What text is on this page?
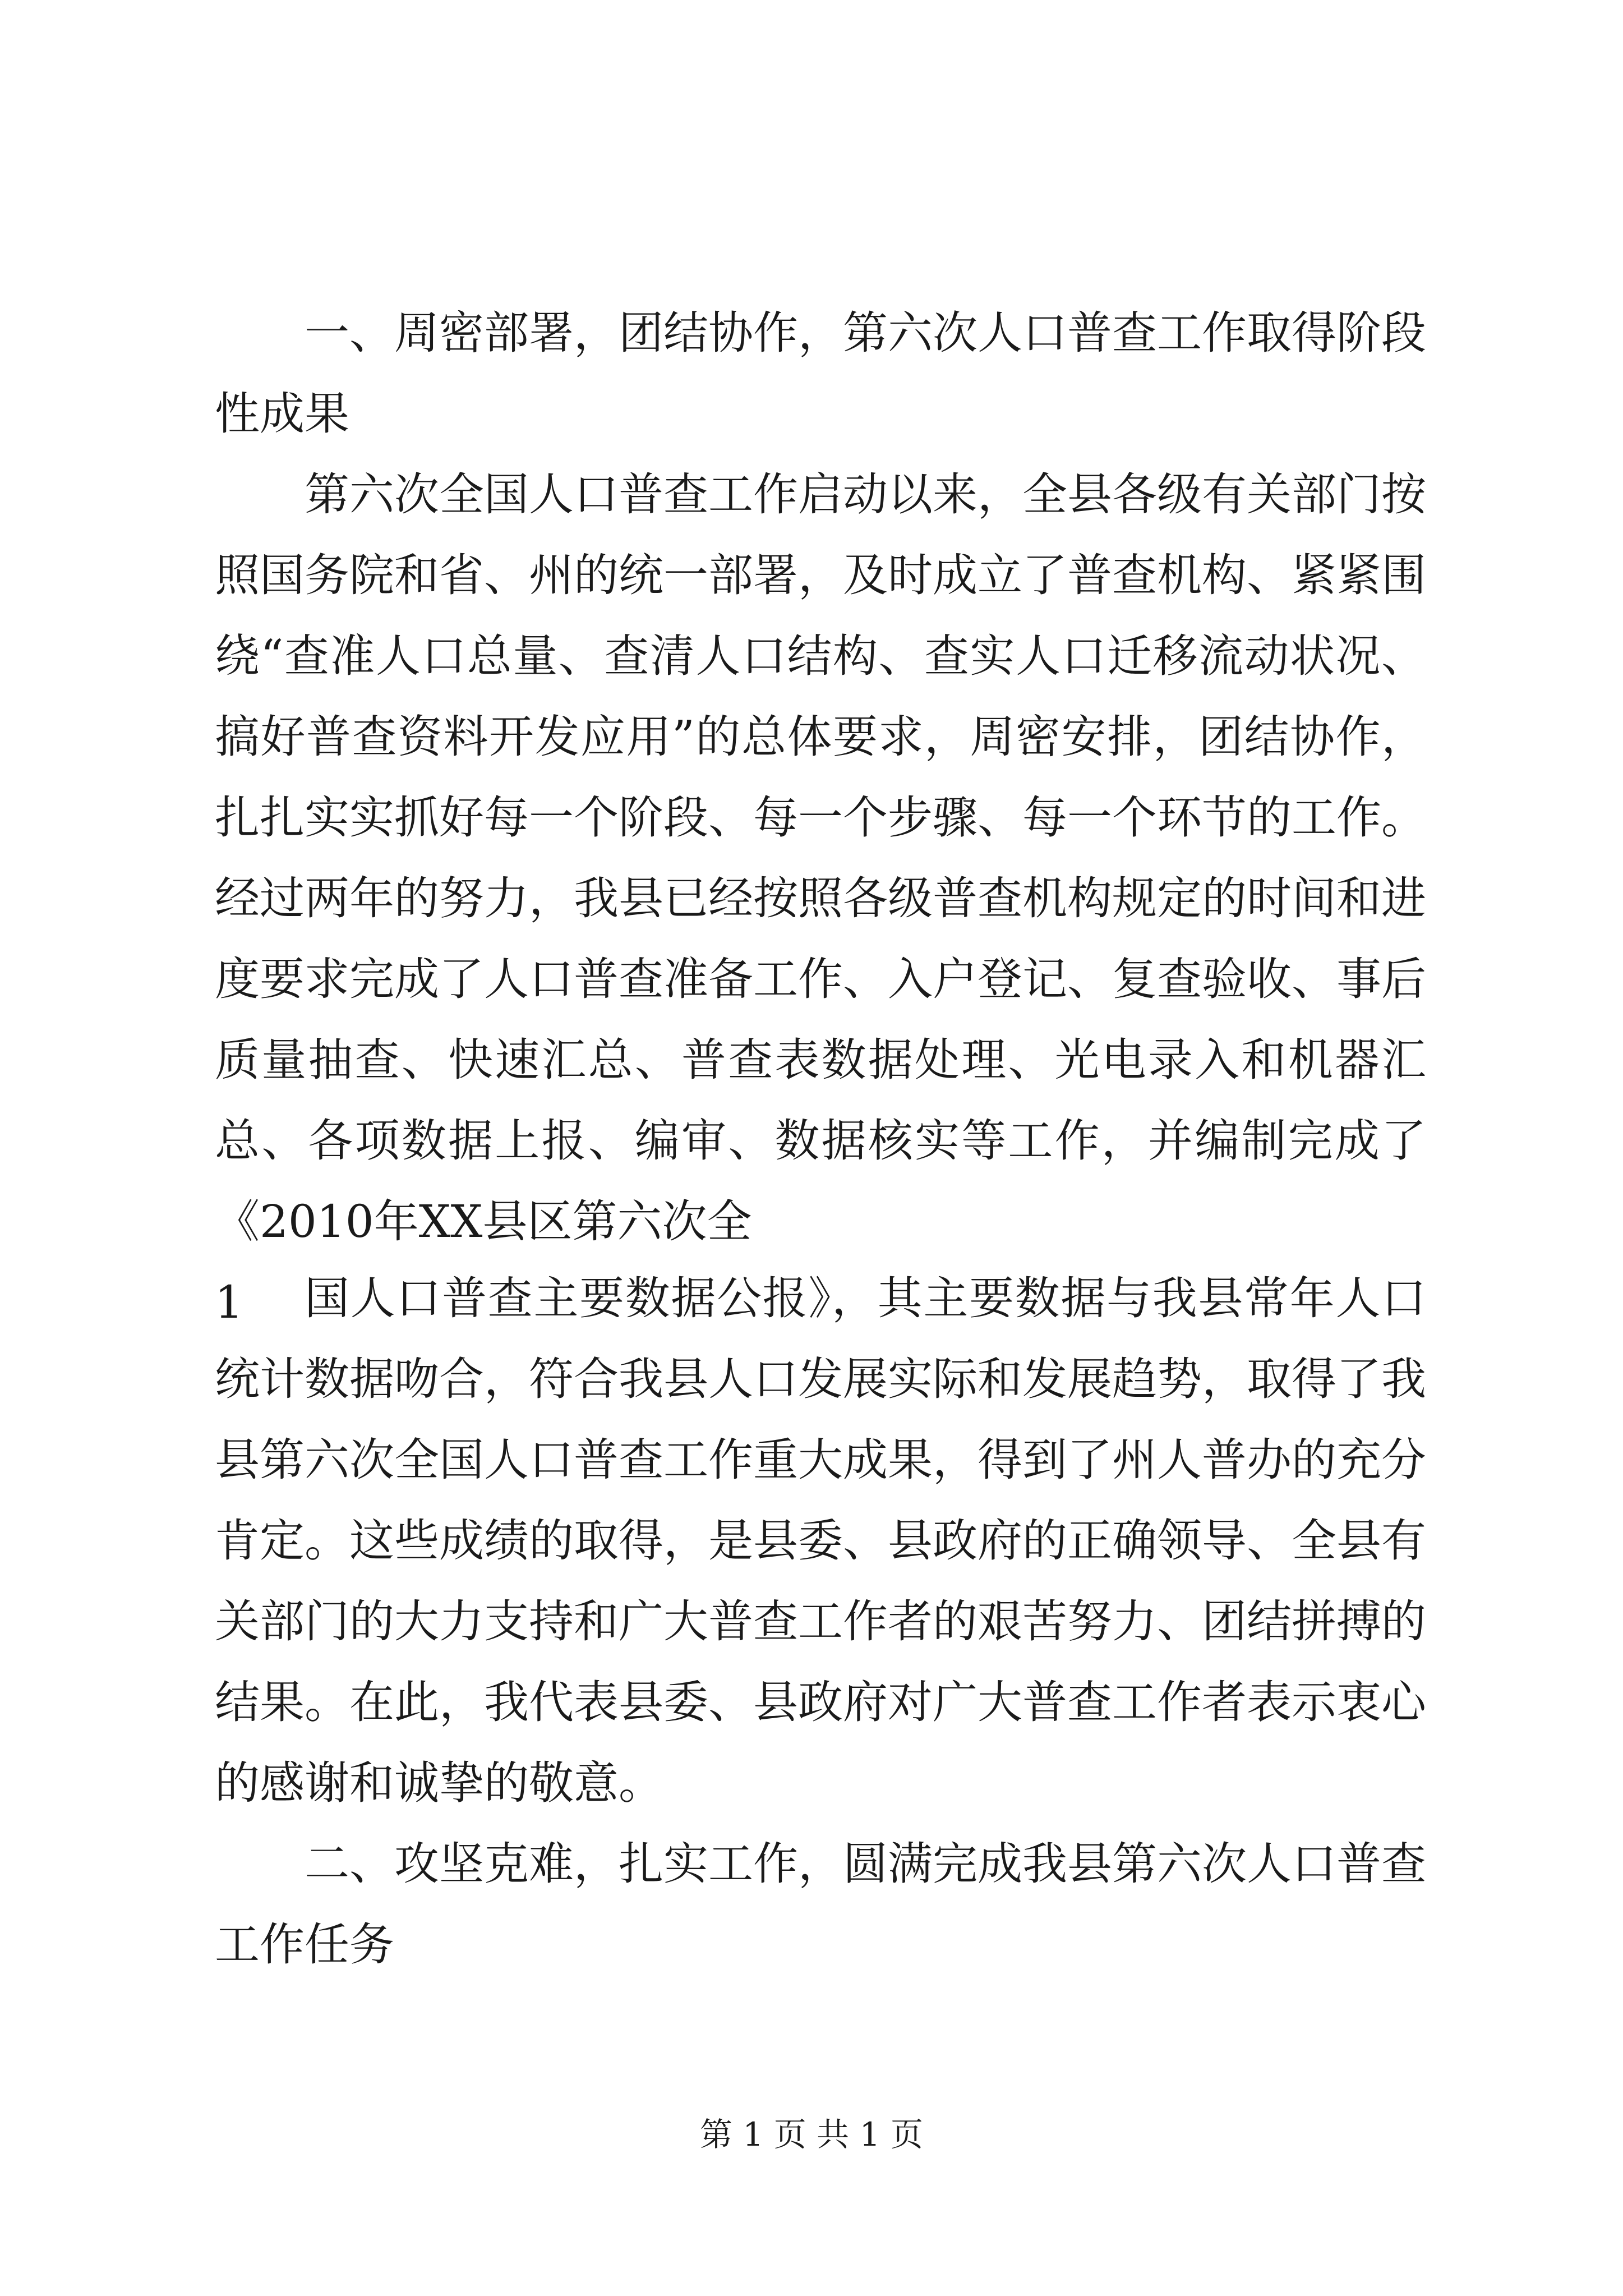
一、周密部署，团结协作，第六次人口普查工作取得阶段性成果

第六次全国人口普查工作启动以来，全县各级有关部门按照国务院和省、州的统一部署，及时成立了普查机构、紧紧围绕“查准人口总量、查清人口结构、查实人口迁移流动状况、搞好普查资料开发应用”的总体要求，周密安排，团结协作，扎扎实实抓好每一个阶段、每一个步骤、每一个环节的工作。经过两年的努力，我县已经按照各级普查机构规定的时间和进度要求完成了人口普查准备工作、入户登记、复查验收、事后质量抽查、快速汇总、普查表数据处理、光电录入和机器汇总、各项数据上报、编审、数据核实等工作，并编制完成了《2010年XX县区第六次全

1	国人口普查主要数据公报》，其主要数据与我县常年人口统计数据吻合，符合我县人口发展实际和发展趋势，取得了我县第六次全国人口普查工作重大成果，得到了州人普办的充分肯定。这些成绩的取得，是县委、县政府的正确领导、全县有关部门的大力支持和广大普查工作者的艰苦努力、团结拼搏的结果。在此，我代表县委、县政府对广大普查工作者表示衷心的感谢和诚挚的敬意。

二、攻坚克难，扎实工作，圆满完成我县第六次人口普查工作任务

第 1 页 共 1 页
